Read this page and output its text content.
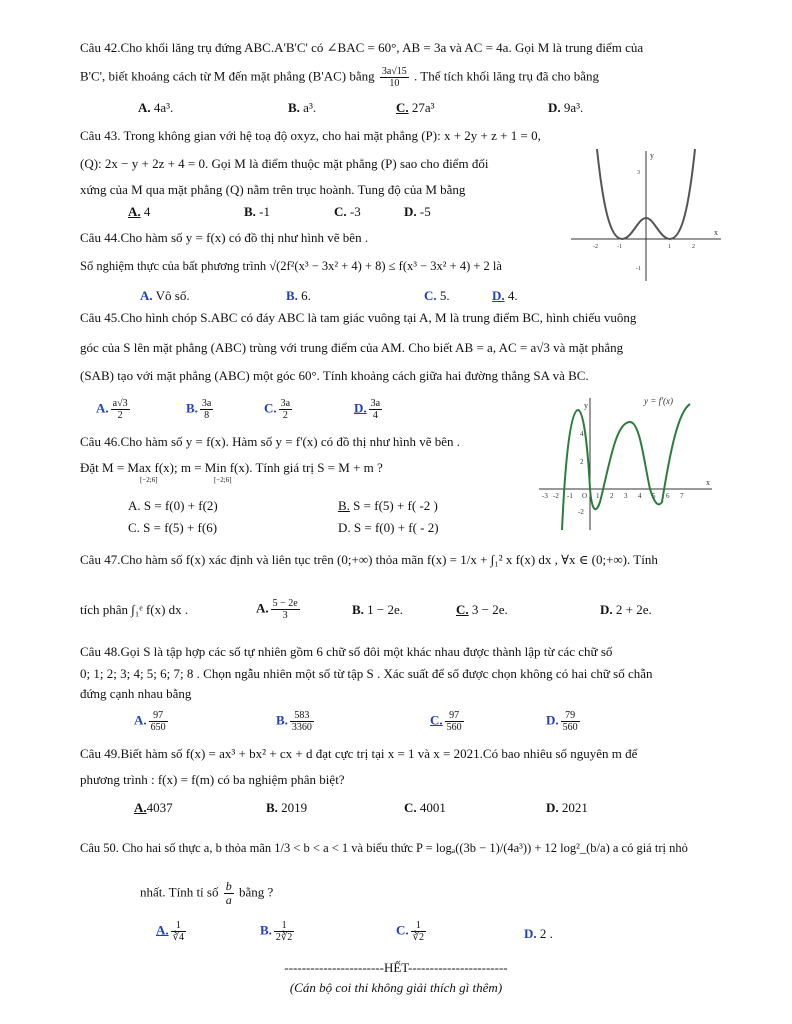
Câu 42.Cho khối lăng trụ đứng ABC.A'B'C' có ∠BAC = 60°, AB = 3a và AC = 4a. Gọi M là trung điểm của
B'C', biết khoảng cách từ M đến mặt phẳng (B'AC) bằng $\frac{3a√15}{10}$ . Thể tích khối lăng trụ đã cho bằng
A. 4a³.	B. a³.	C. 27a³	D. 9a³.
Câu 43. Trong không gian với hệ toạ độ oxyz, cho hai mặt phẳng (P): x + 2y + z + 1 = 0,
(Q): 2x − y + 2z + 4 = 0. Gọi M là điểm thuộc mặt phẳng (P) sao cho điểm đối
xứng của M qua mặt phẳng (Q) nằm trên trục hoành. Tung độ của M bằng
A. 4	B. -1	C. -3	D. -5
y
x
-2	-1	1	2
3
-1
Câu 44.Cho hàm số y = f(x) có đồ thị như hình vẽ bên .
Số nghiệm thực của bất phương trình √(2f²(x³ − 3x² + 4) + 8) ≤ f(x³ − 3x² + 4) + 2 là
A. Vô số.	B. 6.	C. 5.	D. 4.
Câu 45.Cho hình chóp S.ABC có đáy ABC là tam giác vuông tại A, M là trung điểm BC, hình chiếu vuông
góc của S lên mặt phẳng (ABC) trùng với trung điểm của AM. Cho biết AB = a, AC = a√3 và mặt phẳng
(SAB) tạo với mặt phẳng (ABC) một góc 60°. Tính khoảng cách giữa hai đường thẳng SA và BC.
A. $\frac{a√3}{2}$	B. $\frac{3a}{8}$	C. $\frac{3a}{2}$	D. $\frac{3a}{4}$	y = f'(x)
y
x
-3 -2 -1 O 1 2 3 4 5 6 7
4
2
-2
Câu 46.Cho hàm số y = f(x). Hàm số y = f'(x) có đồ thị như hình vẽ bên .
Đặt M = Max f(x); m = Min f(x). Tính giá trị S = M + m ?
[−2;6]	[−2;6]
A. S = f(0) + f(2)	B. S = f(5) + f( -2 )
C. S = f(5) + f(6)	D. S = f(0) + f( - 2)
Câu 47.Cho hàm số f(x) xác định và liên tục trên (0;+∞) thỏa mãn f(x) = 1/x + ∫₁² x f(x) dx , ∀x ∈ (0;+∞). Tính
tích phân ∫₁ᵉ f(x) dx .	A. $\frac{5 - 2e}{3}$	B. 1 − 2e.	C. 3 − 2e.	D. 2 + 2e.
Câu 48.Gọi S là tập hợp các số tự nhiên gồm 6 chữ số đôi một khác nhau được thành lập từ các chữ số
0; 1; 2; 3; 4; 5; 6; 7; 8 . Chọn ngẫu nhiên một số từ tập S . Xác suất để số được chọn không có hai chữ số chẵn
đứng cạnh nhau bằng
A. $\frac{97}{650}$	B. $\frac{583}{3360}$	C. $\frac{97}{560}$	D. $\frac{79}{560}$
Câu 49.Biết hàm số f(x) = ax³ + bx² + cx + d đạt cực trị tại x = 1 và x = 2021.Có bao nhiêu số nguyên m để
phương trình : f(x) = f(m) có ba nghiệm phân biệt?
A.4037	B. 2019	C. 4001	D. 2021
Câu 50. Cho hai số thực a, b thỏa mãn 1/3 < b < a < 1 và biểu thức P = logₐ((3b − 1)/(4a³)) + 12 log²_(b/a) a có giá trị nhỏ
nhất. Tính tỉ số $\frac{b}{a}$ bằng ?
A. $\frac{1}{∛4}$	B. $\frac{1}{2∛2}$	C. $\frac{1}{∛2}$	D. 2 .
-----------------------HẾT-----------------------
(Cán bộ coi thi không giải thích gì thêm)
